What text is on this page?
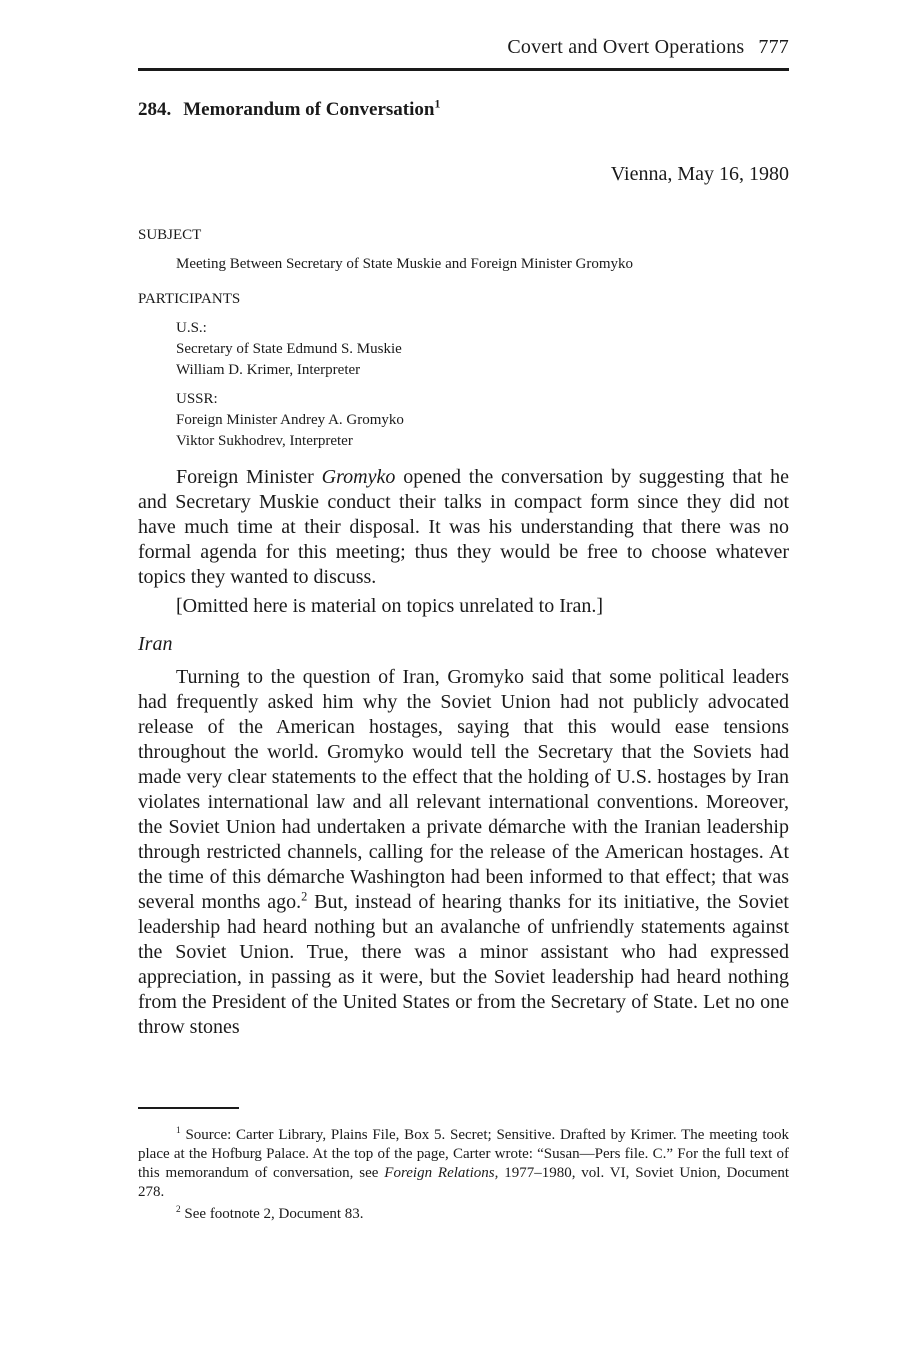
Covert and Overt Operations 777
284. Memorandum of Conversation$^1$
Vienna, May 16, 1980
SUBJECT
Meeting Between Secretary of State Muskie and Foreign Minister Gromyko
PARTICIPANTS
U.S.:
Secretary of State Edmund S. Muskie
William D. Krimer, Interpreter
USSR:
Foreign Minister Andrey A. Gromyko
Viktor Sukhodrev, Interpreter

Foreign Minister Gromyko opened the conversation by suggesting that he and Secretary Muskie conduct their talks in compact form since they did not have much time at their disposal. It was his understanding that there was no formal agenda for this meeting; thus they would be free to choose whatever topics they wanted to discuss.

[Omitted here is material on topics unrelated to Iran.]

Iran

Turning to the question of Iran, Gromyko said that some political leaders had frequently asked him why the Soviet Union had not publicly advocated release of the American hostages, saying that this would ease tensions throughout the world. Gromyko would tell the Secretary that the Soviets had made very clear statements to the effect that the holding of U.S. hostages by Iran violates international law and all relevant international conventions. Moreover, the Soviet Union had undertaken a private démarche with the Iranian leadership through restricted channels, calling for the release of the American hostages. At the time of this démarche Washington had been informed to that effect; that was several months ago.$^2$ But, instead of hearing thanks for its initiative, the Soviet leadership had heard nothing but an avalanche of unfriendly statements against the Soviet Union. True, there was a minor assistant who had expressed appreciation, in passing as it were, but the Soviet leadership had heard nothing from the President of the United States or from the Secretary of State. Let no one throw stones

$^1$ Source: Carter Library, Plains File, Box 5. Secret; Sensitive. Drafted by Krimer. The meeting took place at the Hofburg Palace. At the top of the page, Carter wrote: “Susan—Pers file. C.” For the full text of this memorandum of conversation, see Foreign Relations, 1977–1980, vol. VI, Soviet Union, Document 278.

$^2$ See footnote 2, Document 83.
